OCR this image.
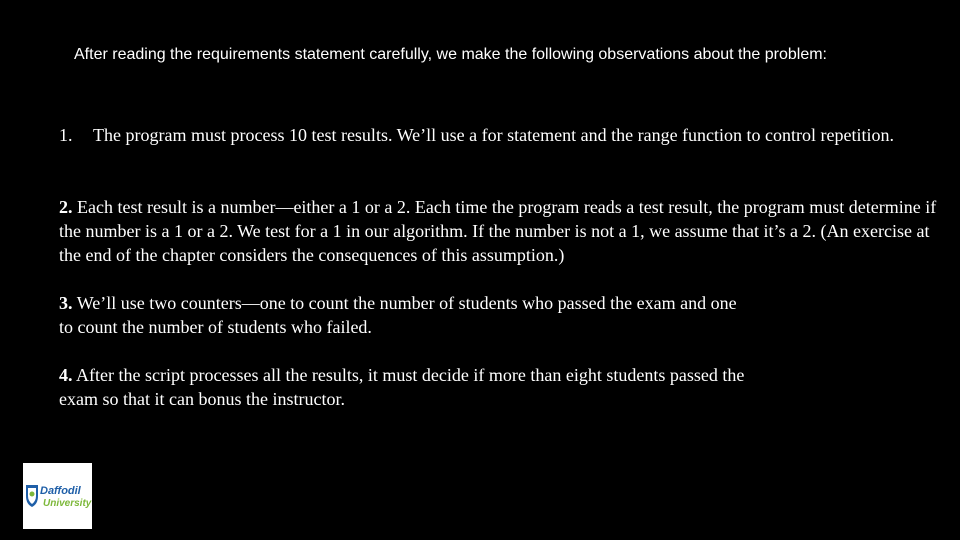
After reading the requirements statement carefully, we make the following observations about the problem:

1. The program must process 10 test results. We’ll use a for statement and the range function to control repetition.

2. Each test result is a number—either a 1 or a 2. Each time the program reads a test result, the program must determine if the number is a 1 or a 2. We test for a 1 in our algorithm. If the number is not a 1, we assume that it’s a 2. (An exercise at the end of the chapter considers the consequences of this assumption.)

3. We’ll use two counters—one to count the number of students who passed the exam and one to count the number of students who failed.

4. After the script processes all the results, it must decide if more than eight students passed the exam so that it can bonus the instructor.

Daffodil
University
